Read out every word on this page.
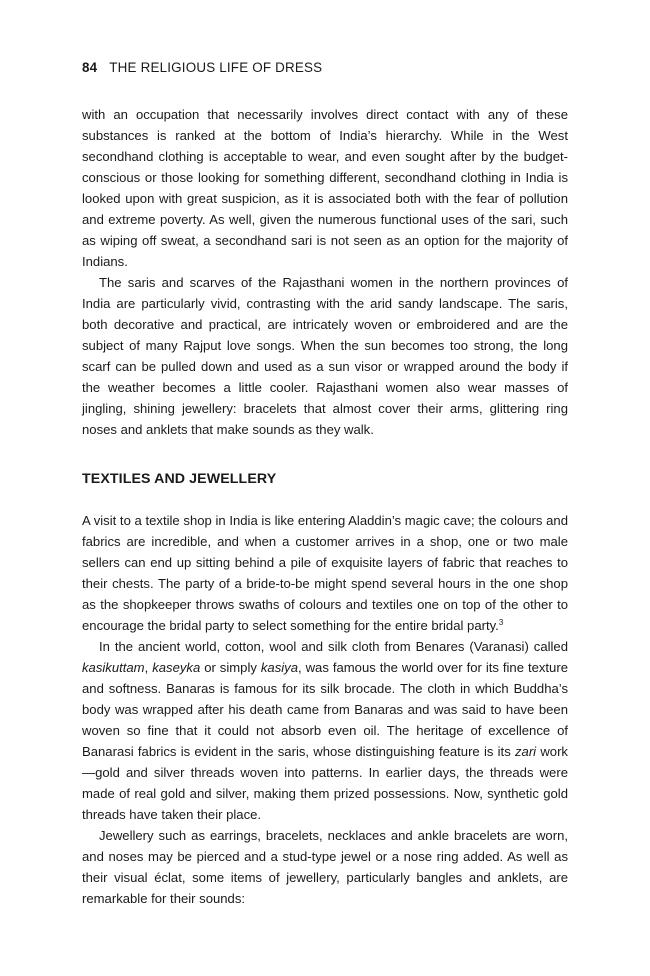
84 THE RELIGIOUS LIFE OF DRESS

with an occupation that necessarily involves direct contact with any of these substances is ranked at the bottom of India’s hierarchy. While in the West secondhand clothing is acceptable to wear, and even sought after by the budget-conscious or those looking for something different, secondhand clothing in India is looked upon with great suspicion, as it is associated both with the fear of pollution and extreme poverty. As well, given the numerous functional uses of the sari, such as wiping off sweat, a secondhand sari is not seen as an option for the majority of Indians.

The saris and scarves of the Rajasthani women in the northern provinces of India are particularly vivid, contrasting with the arid sandy landscape. The saris, both decorative and practical, are intricately woven or embroidered and are the subject of many Rajput love songs. When the sun becomes too strong, the long scarf can be pulled down and used as a sun visor or wrapped around the body if the weather becomes a little cooler. Rajasthani women also wear masses of jingling, shining jewellery: bracelets that almost cover their arms, glittering ring noses and anklets that make sounds as they walk.

TEXTILES AND JEWELLERY

A visit to a textile shop in India is like entering Aladdin’s magic cave; the colours and fabrics are incredible, and when a customer arrives in a shop, one or two male sellers can end up sitting behind a pile of exquisite layers of fabric that reaches to their chests. The party of a bride-to-be might spend several hours in the one shop as the shopkeeper throws swaths of colours and textiles one on top of the other to encourage the bridal party to select something for the entire bridal party.$^3$

In the ancient world, cotton, wool and silk cloth from Benares (Varanasi) called kasikuttam, kaseyka or simply kasiya, was famous the world over for its fine texture and softness. Banaras is famous for its silk brocade. The cloth in which Buddha’s body was wrapped after his death came from Banaras and was said to have been woven so fine that it could not absorb even oil. The heritage of excellence of Banarasi fabrics is evident in the saris, whose distinguishing feature is its zari work—gold and silver threads woven into patterns. In earlier days, the threads were made of real gold and silver, making them prized possessions. Now, synthetic gold threads have taken their place.

Jewellery such as earrings, bracelets, necklaces and ankle bracelets are worn, and noses may be pierced and a stud-type jewel or a nose ring added. As well as their visual éclat, some items of jewellery, particularly bangles and anklets, are remarkable for their sounds:
